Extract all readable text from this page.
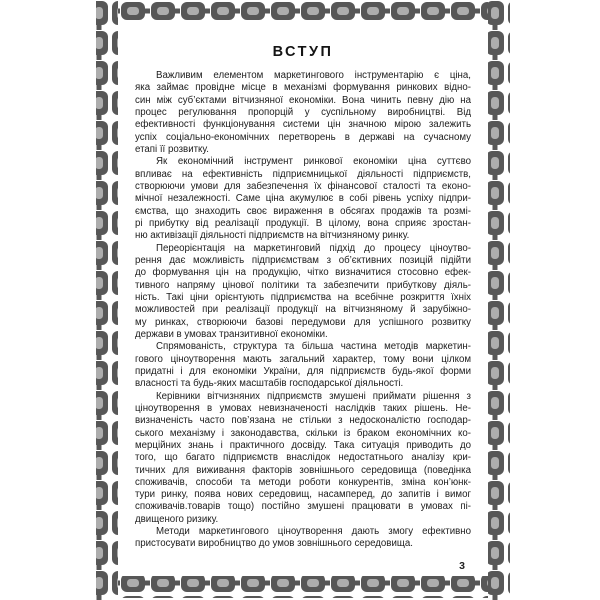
ВСТУП
Важливим елементом маркетингового інструментарію є ціна,
яка займає провідне місце в механізмі формування ринкових відно-
син між суб’єктами вітчизняної економіки. Вона чинить певну дію на
процес регулювання пропорцій у суспільному виробництві. Від
ефективності функціонування системи цін значною мірою залежить
успіх соціально-економічних перетворень в державі на сучасному
етапі її розвитку.
Як економічний інструмент ринкової економіки ціна суттєво
впливає на ефективність підприємницької діяльності підприємств,
створюючи умови для забезпечення їх фінансової сталості та еконо-
мічної незалежності. Саме ціна акумулює в собі рівень успіху підпри-
ємства, що знаходить своє вираження в обсягах продажів та розмі-
рі прибутку від реалізації продукції. В цілому, вона сприяє зростан-
ню активізації діяльності підприємств на вітчизняному ринку.
Переорієнтація на маркетинговий підхід до процесу ціноутво-
рення дає можливість підприємствам з об’єктивних позицій підійти
до формування цін на продукцію, чітко визначитися стосовно ефек-
тивного напряму цінової політики та забезпечити прибуткову діяль-
ність. Такі ціни орієнтують підприємства на всебічне розкриття їхніх
можливостей при реалізації продукції на вітчизняному й зарубіжно-
му ринках, створюючи базові передумови для успішного розвитку
держави в умовах транзитивної економіки.
Спрямованість, структура та більша частина методів маркетин-
гового ціноутворення мають загальний характер, тому вони цілком
придатні і для економіки України, для підприємств будь-якої форми
власності та будь-яких масштабів господарської діяльності.
Керівники вітчизняних підприємств змушені приймати рішення з
ціноутворення в умовах невизначеності наслідків таких рішень. Не-
визначеність часто пов’язана не стільки з недосконалістю господар-
ського механізму і законодавства, скільки із браком економічних ко-
мерційних знань і практичного досвіду. Така ситуація приводить до
того, що багато підприємств внаслідок недостатнього аналізу кри-
тичних для виживання факторів зовнішнього середовища (поведінка
споживачів, способи та методи роботи конкурентів, зміна кон’юнк-
тури ринку, поява нових середовищ, насамперед, до запитів і вимог
споживачів.товарів тощо) постійно змушені працювати в умовах пі-
двищеного ризику.
Методи маркетингового ціноутворення дають змогу ефективно
пристосувати виробництво до умов зовнішнього середовища.
3
